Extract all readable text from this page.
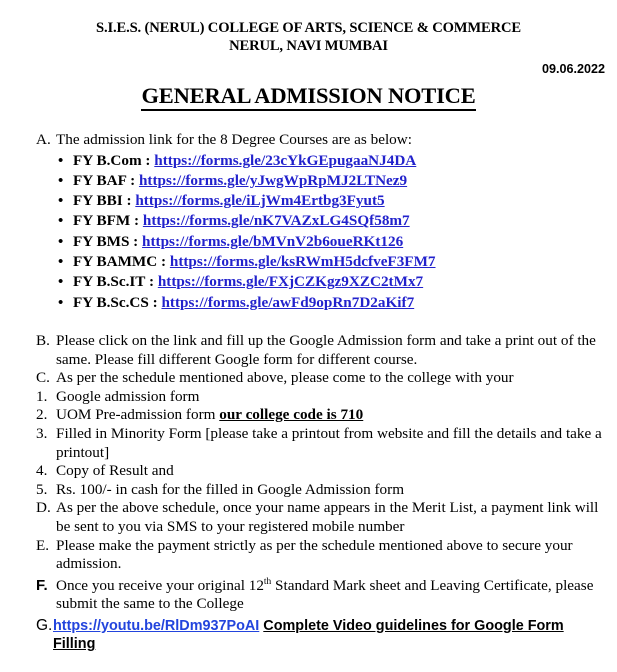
S.I.E.S. (NERUL) COLLEGE OF ARTS, SCIENCE & COMMERCE
NERUL, NAVI MUMBAI
09.06.2022
GENERAL ADMISSION NOTICE
A. The admission link for the 8 Degree Courses are as below:
• FY B.Com :
https://forms.gle/23cYkGEpugaaNJ4DA
• FY BAF :
https://forms.gle/yJwgWpRpMJ2LTNez9
• FY BBI :
https://forms.gle/iLjWm4Ertbg3Fyut5
• FY BFM :
https://forms.gle/nK7VAZxLG4SQf58m7
• FY BMS :
https://forms.gle/bMVnV2b6oueRKt126
• FY BAMMC :
https://forms.gle/ksRWmH5dcfveF3FM7
• FY B.Sc.IT :
https://forms.gle/FXjCZKgz9XZC2tMx7
• FY B.Sc.CS :
https://forms.gle/awFd9opRn7D2aKif7
B. Please click on the link and fill up the Google Admission form and take a print out of the same. Please fill different Google form for different course.
C. As per the schedule mentioned above, please come to the college with your
1. Google admission form
2. UOM Pre-admission form our college code is 710
3. Filled in Minority Form [please take a printout from website and fill the details and take a printout]
4. Copy of Result and
5. Rs. 100/- in cash for the filled in Google Admission form
D. As per the above schedule, once your name appears in the Merit List, a payment link will be sent to you via SMS to your registered mobile number
E. Please make the payment strictly as per the schedule mentioned above to secure your admission.
F. Once you receive your original 12th Standard Mark sheet and Leaving Certificate, please submit the same to the College
G. https://youtu.be/RlDm937PoAI Complete Video guidelines for Google Form Filling
